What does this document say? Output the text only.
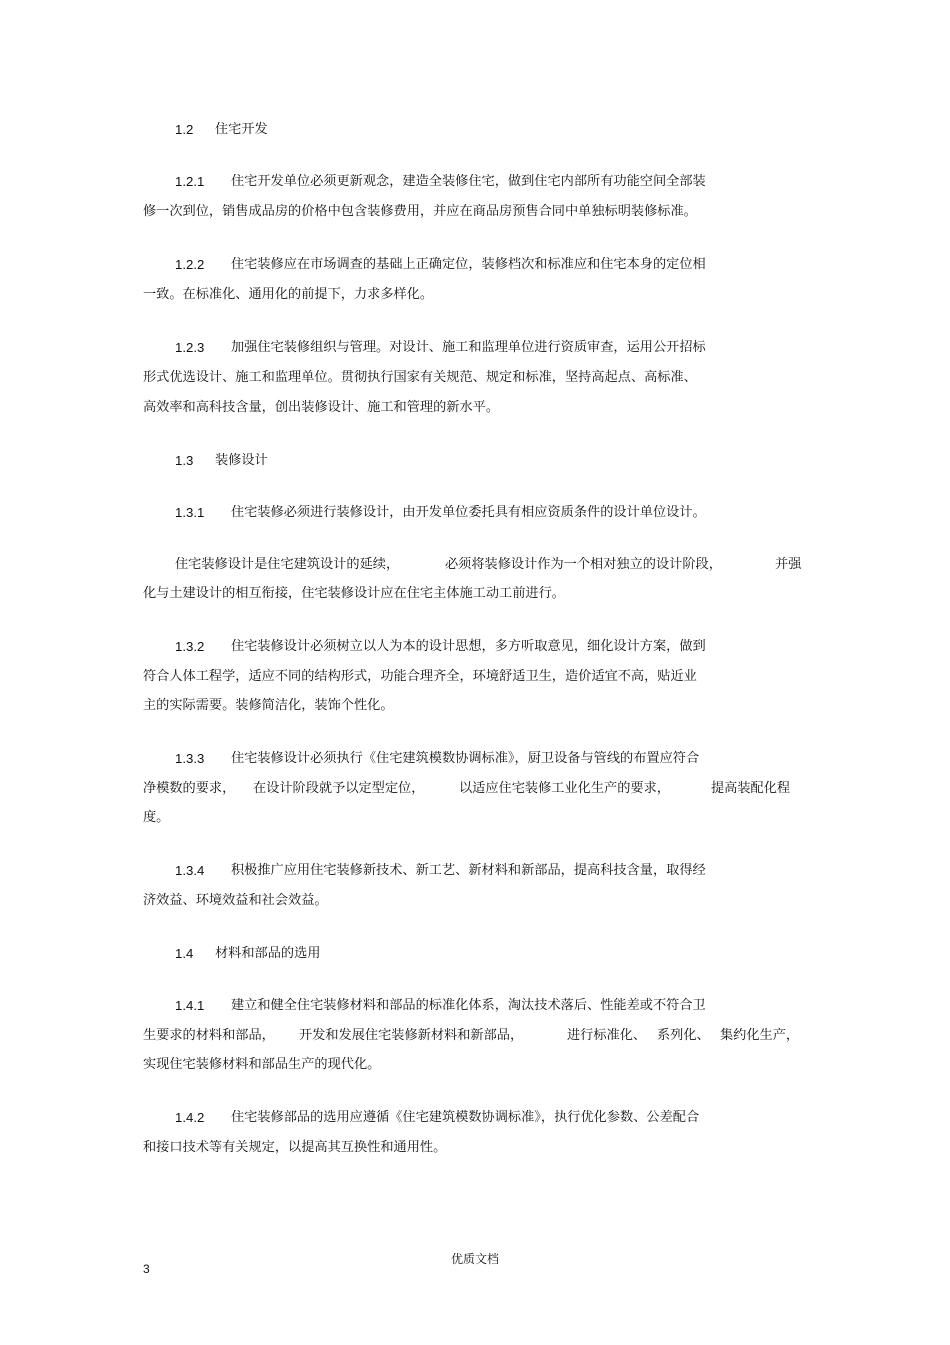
1.2 住宅开发
1.2.1 住宅开发单位必须更新观念，建造全装修住宅，做到住宅内部所有功能空间全部装
修一次到位，销售成品房的价格中包含装修费用，并应在商品房预售合同中单独标明装修标准。
1.2.2 住宅装修应在市场调查的基础上正确定位，装修档次和标准应和住宅本身的定位相
一致。在标准化、通用化的前提下，力求多样化。
1.2.3 加强住宅装修组织与管理。对设计、施工和监理单位进行资质审查，运用公开招标
形式优选设计、施工和监理单位。贯彻执行国家有关规范、规定和标准，坚持高起点、高标准、
高效率和高科技含量，创出装修设计、施工和管理的新水平。
1.3 装修设计
1.3.1 住宅装修必须进行装修设计，由开发单位委托具有相应资质条件的设计单位设计。
住宅装修设计是住宅建筑设计的延续，	必须将装修设计作为一个相对独立的设计阶段，	并强
化与土建设计的相互衔接，住宅装修设计应在住宅主体施工动工前进行。
1.3.2 住宅装修设计必须树立以人为本的设计思想，多方听取意见，细化设计方案，做到
符合人体工程学，适应不同的结构形式，功能合理齐全，环境舒适卫生，造价适宜不高，贴近业
主的实际需要。装修简洁化，装饰个性化。
1.3.3 住宅装修设计必须执行《住宅建筑模数协调标准》，厨卫设备与管线的布置应符合
净模数的要求， 在设计阶段就予以定型定位，	以适应住宅装修工业化生产的要求，	提高装配化程
度。
1.3.4 积极推广应用住宅装修新技术、新工艺、新材料和新部品，提高科技含量，取得经
济效益、环境效益和社会效益。
1.4 材料和部品的选用
1.4.1 建立和健全住宅装修材料和部品的标准化体系，淘汰技术落后、性能差或不符合卫
生要求的材料和部品， 开发和发展住宅装修新材料和新部品，	进行标准化、 系列化、 集约化生产，
实现住宅装修材料和部品生产的现代化。
1.4.2 住宅装修部品的选用应遵循《住宅建筑模数协调标准》，执行优化参数、公差配合
和接口技术等有关规定，以提高其互换性和通用性。
优质文档
3
